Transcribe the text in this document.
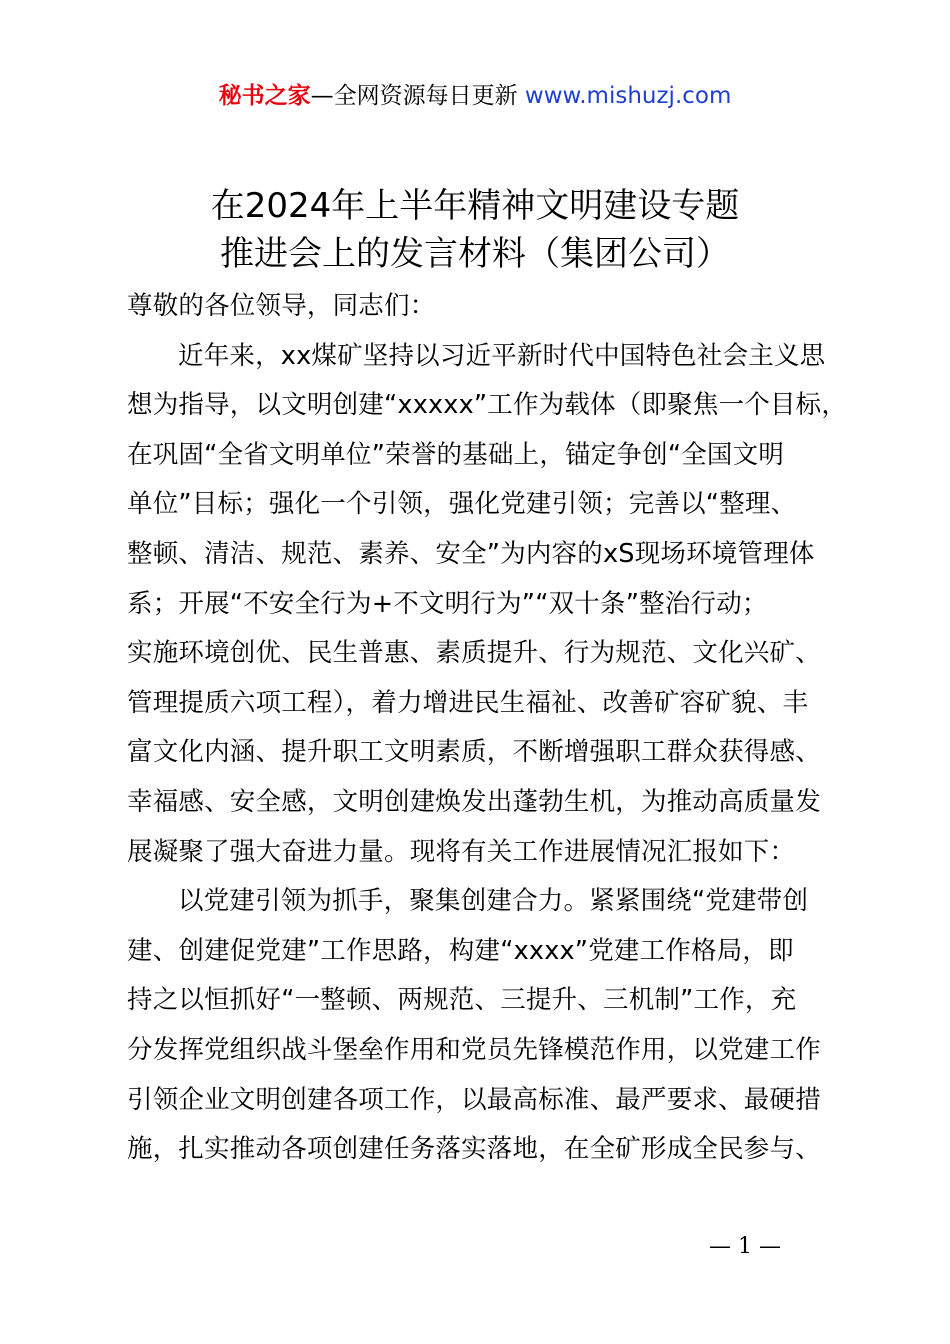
秘书之家—全网资源每日更新 www.mishuzj.com
在2024年上半年精神文明建设专题
推进会上的发言材料（集团公司）
尊敬的各位领导，同志们：
近年来，xx煤矿坚持以习近平新时代中国特色社会主义思
想为指导，以文明创建“xxxxx”工作为载体（即聚焦一个目标，
在巩固“全省文明单位”荣誉的基础上，锚定争创“全国文明
单位”目标；强化一个引领，强化党建引领；完善以“整理、
整顿、清洁、规范、素养、安全”为内容的xS现场环境管理体
系；开展“不安全行为+不文明行为”“双十条”整治行动；
实施环境创优、民生普惠、素质提升、行为规范、文化兴矿、
管理提质六项工程），着力增进民生福祉、改善矿容矿貌、丰
富文化内涵、提升职工文明素质，不断增强职工群众获得感、
幸福感、安全感，文明创建焕发出蓬勃生机，为推动高质量发
展凝聚了强大奋进力量。现将有关工作进展情况汇报如下：
以党建引领为抓手，聚集创建合力。紧紧围绕“党建带创
建、创建促党建”工作思路，构建“xxxx”党建工作格局，即
持之以恒抓好“一整顿、两规范、三提升、三机制”工作，充
分发挥党组织战斗堡垒作用和党员先锋模范作用，以党建工作
引领企业文明创建各项工作，以最高标准、最严要求、最硬措
施，扎实推动各项创建任务落实落地，在全矿形成全民参与、
— 1 —
